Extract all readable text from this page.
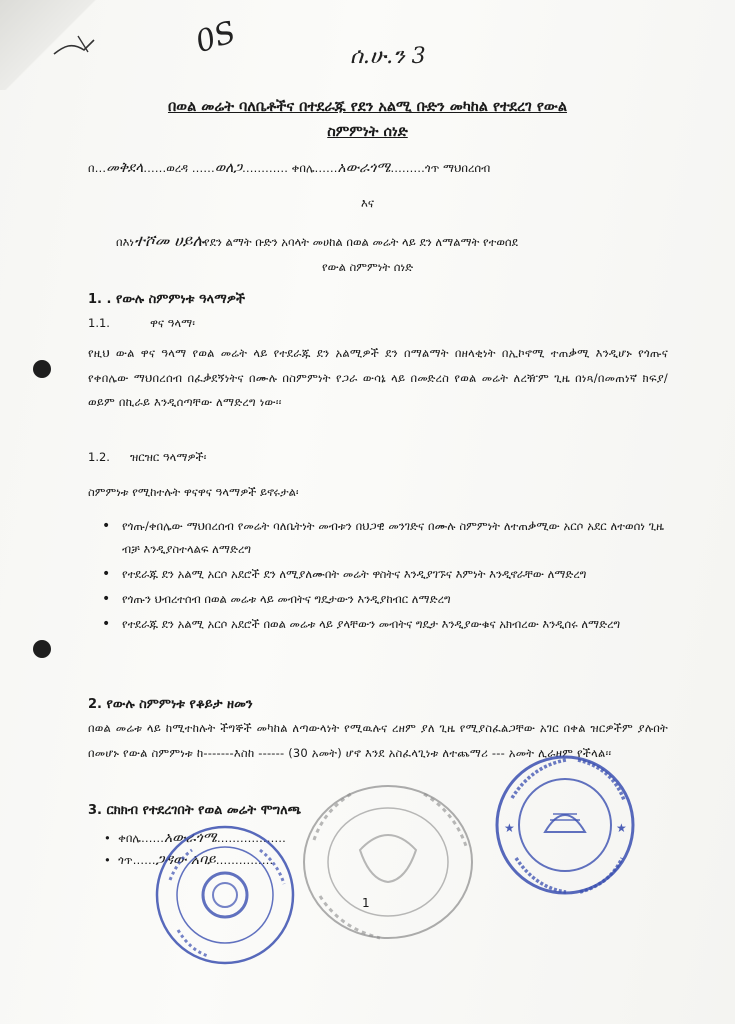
0S	ሰ.ሁ.ን 3
በወል መሬት ባለቤቶችና በተደራጁ የደን አልሚ ቡድን መካከል የተደረገ የውል
ስምምነት ሰነድ
በ…መቅደላ……ወረዳ ……ወለጋ………… ቀበሌ……አውራጎሜ………ጎጥ ማህበረሰብ
እና
በእነተሾመ ሀይሉየደን ልማት ቡድን አባላት መሀከል በወል መሬት ላይ ደን ለማልማት የተወሰደ
የውል ስምምነት ሰነድ
1. . የውሉ ስምምነቱ ዓላማዎች
1.1.	ዋና ዓላማ፡
የዚህ ውል ዋና ዓላማ የወል መሬት ላይ የተደራጁ ደን አልሚዎች ደን በማልማት በዘላቂነት በኢኮኖሚ ተጠቃሚ እንዲሆኑ የጎጡና የቀበሌው ማህበረሰብ በፈቃደኝነትና በሙሉ በስምምነት የጋራ ውሳኔ ላይ በመድረስ የወል መሬት ለረዥም ጊዜ በነጻ/በመጠነኛ ክፍያ/ ወይም በኪራይ እንዲሰጣቸው ለማድረግ ነው፡፡
1.2. ዝርዝር ዓላማዎች፡
ስምምነቱ የሚከተሉት ዋናዋና ዓላማዎች ይኖሩታል፡
• የጎጡ/ቀበሌው ማህበረሰብ የመሬት ባለቤትነት መብቱን በህጋዊ መንገድና በሙሉ ስምምነት ለተጠቃሚው አርሶ አደር ለተወሰነ ጊዜ ብቻ እንዲያስተላልፍ ለማድረግ
• የተደራጁ ደን አልሚ አርሶ አደሮች ደን ለሚያለሙበት መሬት ዋስትና እንዲያገኙና እምነት እንዲኖራቸው ለማድረግ
• የጎጡን ህብረተሰብ በወል መሬቱ ላይ መብትና ግዴታውን እንዲያከብር ለማድረግ
• የተደራጁ ደን አልሚ አርሶ አደሮች በወል መሬቱ ላይ ያላቸውን መብትና ግዴታ እንዲያውቁና አክብረው እንዲሰሩ ለማድረግ
2. የውሉ ስምምነቱ የቆይታ ዘመን
በወል መሬቱ ላይ ከሚተከሉት ችግኞች መካከል ለጣውላነት የሚዉሉና ረዘም ያለ ጊዜ የሚያስፈልጋቸው አገር በቀል ዝርዎችም ያሉበት በመሆኑ የውል ስምምነቱ ከ-------እስከ ------ (30 አመት) ሆኖ እንደ አስፈላጊነቱ ለተጨማሪ --- አመት ሊራዘም የችላል፡፡
3. ርክክብ የተደረገበት የወል መሬት ሞግለጫ
•  ቀበሌ……አውራጎሜ………………
•  ጎጥ……ጋዳው አባይ……………
1
★	★
